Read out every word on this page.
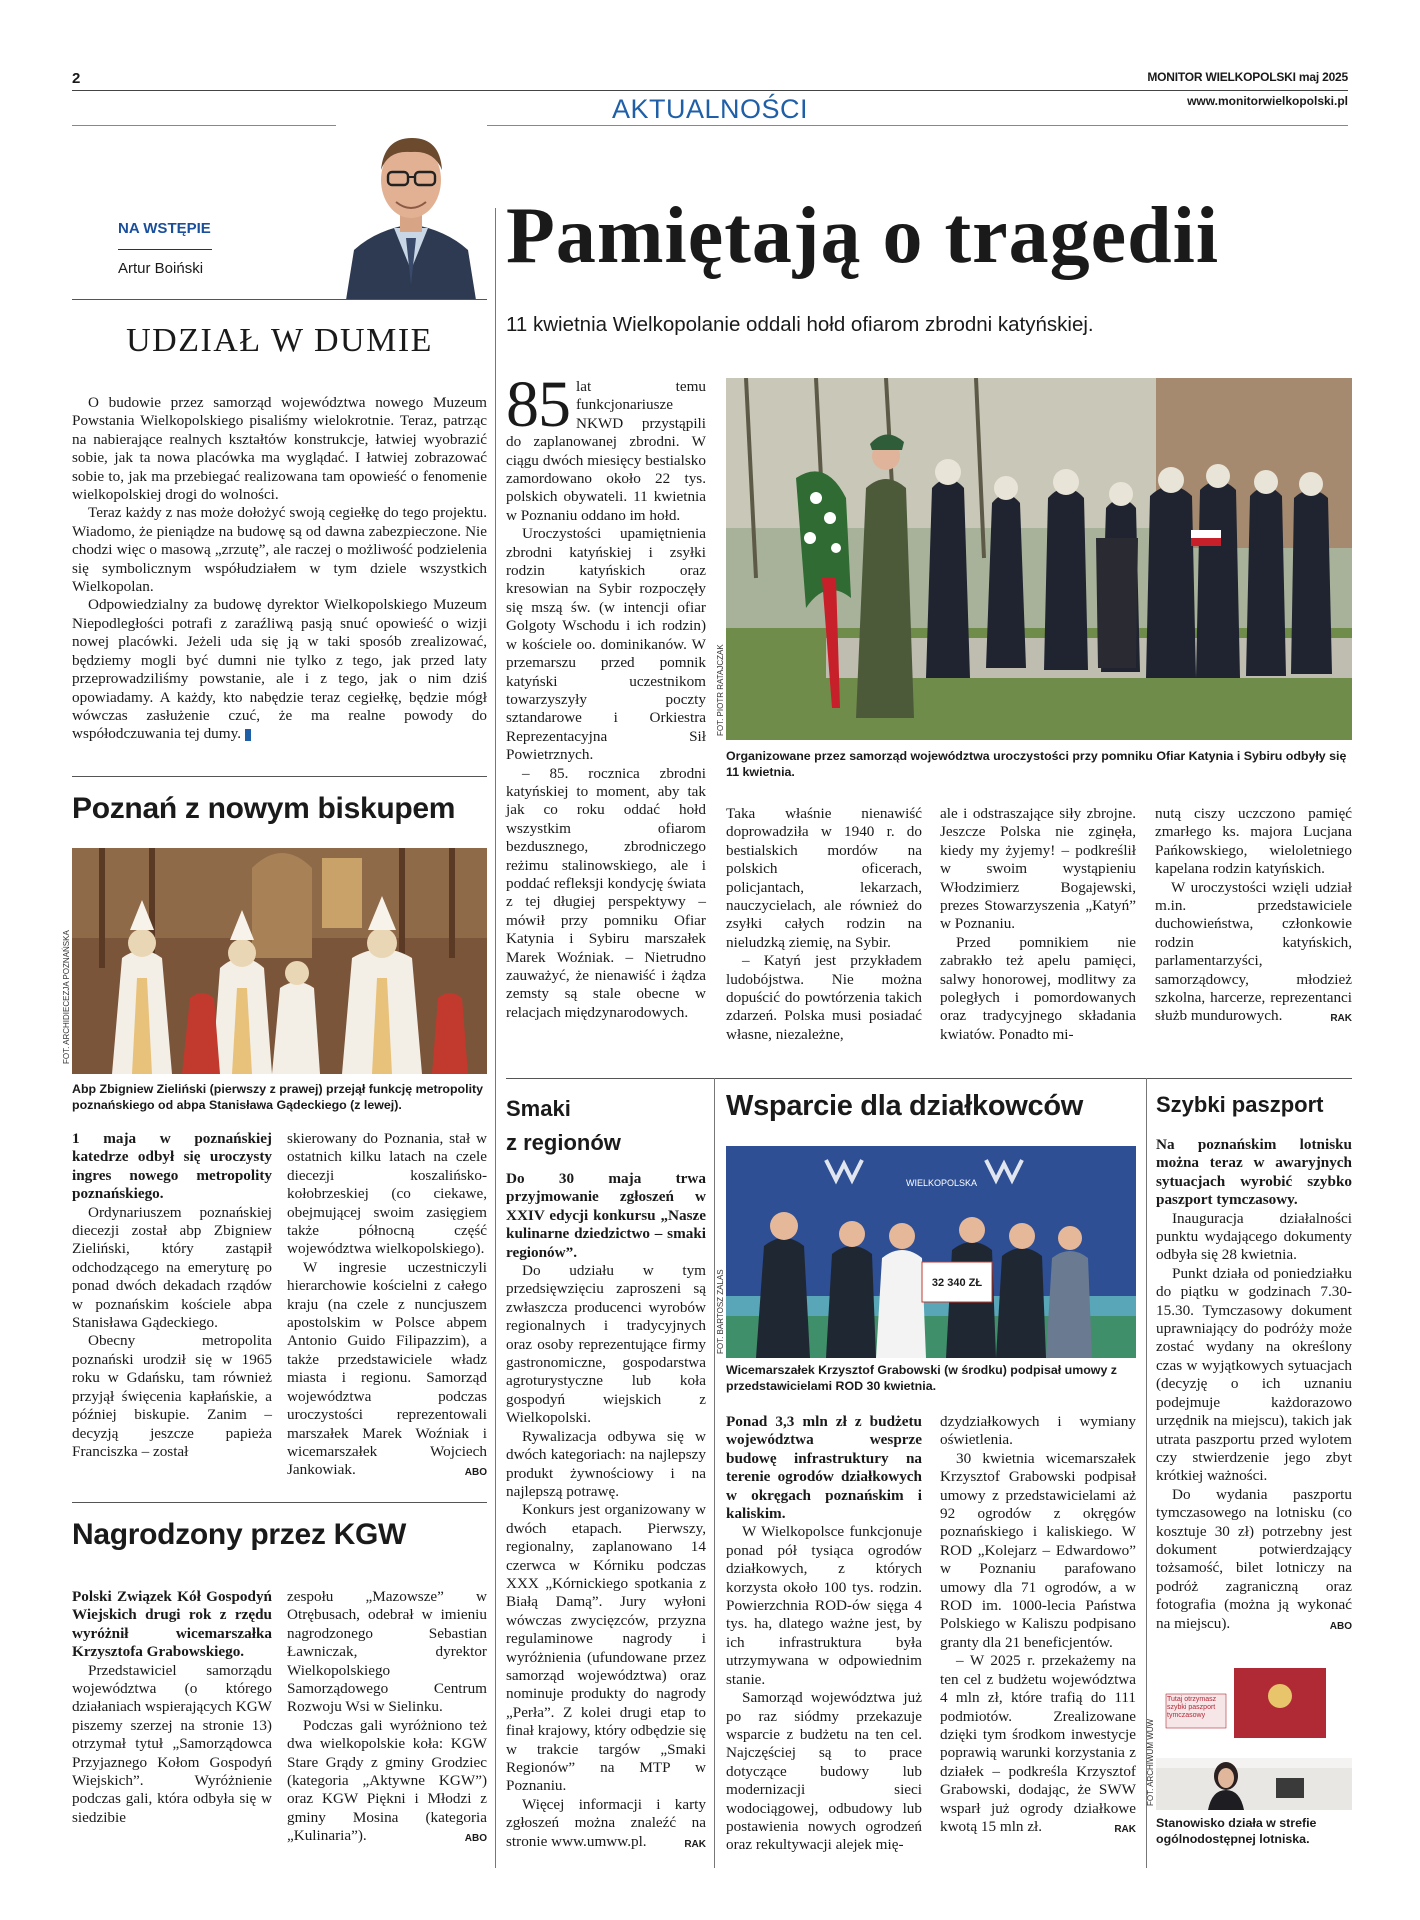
2	MONITOR WIELKOPOLSKI maj 2025
www.monitorwielkopolski.pl
AKTUALNOŚCI
NA WSTĘPIE
Artur Boiński
UDZIAŁ W DUMIE

O budowie przez samorząd województwa nowego Muzeum Powstania Wielkopolskiego pisaliśmy wielokrotnie. Teraz, patrząc na nabierające realnych kształtów konstrukcje, łatwiej wyobrazić sobie, jak ta nowa placówka ma wyglądać. I łatwiej zobrazować sobie to, jak ma przebiegać realizowana tam opowieść o fenomenie wielkopolskiej drogi do wolności.

Teraz każdy z nas może dołożyć swoją cegiełkę do tego projektu. Wiadomo, że pieniądze na budowę są od dawna zabezpieczone. Nie chodzi więc o masową „zrzutę”, ale raczej o możliwość podzielenia się symbolicznym współudziałem w tym dziele wszystkich Wielkopolan.

Odpowiedzialny za budowę dyrektor Wielkopolskiego Muzeum Niepodległości potrafi z zaraźliwą pasją snuć opowieść o wizji nowej placówki. Jeżeli uda się ją w taki sposób zrealizować, będziemy mogli być dumni nie tylko z tego, jak przed laty przeprowadziliśmy powstanie, ale i z tego, jak o nim dziś opowiadamy. A każdy, kto nabędzie teraz cegiełkę, będzie mógł wówczas zasłużenie czuć, że ma realne powody do współodczuwania tej dumy.

Poznań z nowym biskupem
FOT. ARCHIDIECEZJA POZNAŃSKA
Abp Zbigniew Zieliński (pierwszy z prawej) przejął funkcję metropolity poznańskiego od abpa Stanisława Gądeckiego (z lewej).

1 maja w poznańskiej katedrze odbył się uroczysty ingres nowego metropolity poznańskiego.

Ordynariuszem poznańskiej diecezji został abp Zbigniew Zieliński, który zastąpił odchodzącego na emeryturę po ponad dwóch dekadach rządów w poznańskim kościele abpa Stanisława Gądeckiego.

Obecny metropolita poznański urodził się w 1965 roku w Gdańsku, tam również przyjął święcenia kapłańskie, a później biskupie. Zanim – decyzją jeszcze papieża Franciszka – został

skierowany do Poznania, stał w ostatnich kilku latach na czele diecezji koszalińsko-kołobrzeskiej (co ciekawe, obejmującej swoim zasięgiem także północną część województwa wielkopolskiego).

W ingresie uczestniczyli hierarchowie kościelni z całego kraju (na czele z nuncjuszem apostolskim w Polsce abpem Antonio Guido Filipazzim), a także przedstawiciele władz miasta i regionu. Samorząd województwa podczas uroczystości reprezentowali marszałek Marek Woźniak i wicemarszałek Wojciech Jankowiak.	ABO

Nagrodzony przez KGW

Polski Związek Kół Gospodyń Wiejskich drugi rok z rzędu wyróżnił wicemarszałka Krzysztofa Grabowskiego.

Przedstawiciel samorządu województwa (o którego działaniach wspierających KGW piszemy szerzej na stronie 13) otrzymał tytuł „Samorządowca Przyjaznego Kołom Gospodyń Wiejskich”. Wyróżnienie podczas gali, która odbyła się w siedzibie

zespołu „Mazowsze” w Otrębusach, odebrał w imieniu nagrodzonego Sebastian Ławniczak, dyrektor Wielkopolskiego Samorządowego Centrum Rozwoju Wsi w Sielinku.

Podczas gali wyróżniono też dwa wielkopolskie koła: KGW Stare Grądy z gminy Grodziec (kategoria „Aktywne KGW”) oraz KGW Piękni i Młodzi z gminy Mosina (kategoria „Kulinaria”).	ABO

Pamiętają o tragedii
11 kwietnia Wielkopolanie oddali hołd ofiarom zbrodni katyńskiej.
85 lat temu funkcjonariusze NKWD przystąpili do zaplanowanej zbrodni. W ciągu dwóch miesięcy bestialsko zamordowano około 22 tys. polskich obywateli. 11 kwietnia w Poznaniu oddano im hołd.

Uroczystości upamiętnienia zbrodni katyńskiej i zsyłki rodzin katyńskich oraz kresowian na Sybir rozpoczęły się mszą św. (w intencji ofiar Golgoty Wschodu i ich rodzin) w kościele oo. dominikanów. W przemarszu przed pomnik katyński uczestnikom towarzyszyły poczty sztandarowe i Orkiestra Reprezentacyjna Sił Powietrznych.

– 85. rocznica zbrodni katyńskiej to moment, aby tak jak co roku oddać hołd wszystkim ofiarom bezdusznego, zbrodniczego reżimu stalinowskiego, ale i poddać refleksji kondycję świata z tej długiej perspektywy – mówił przy pomniku Ofiar Katynia i Sybiru marszałek Marek Woźniak. – Nietrudno zauważyć, że nienawiść i żądza zemsty są stale obecne w relacjach międzynarodowych.

FOT. PIOTR RATAJCZAK
Organizowane przez samorząd województwa uroczystości przy pomniku Ofiar Katynia i Sybiru odbyły się 11 kwietnia.

Taka właśnie nienawiść doprowadziła w 1940 r. do bestialskich mordów na polskich oficerach, policjantach, lekarzach, nauczycielach, ale również do zsyłki całych rodzin na nieludzką ziemię, na Sybir.

– Katyń jest przykładem ludobójstwa. Nie można dopuścić do powtórzenia takich zdarzeń. Polska musi posiadać własne, niezależne,

ale i odstraszające siły zbrojne. Jeszcze Polska nie zginęła, kiedy my żyjemy! – podkreślił w swoim wystąpieniu Włodzimierz Bogajewski, prezes Stowarzyszenia „Katyń” w Poznaniu.

Przed pomnikiem nie zabrakło też apelu pamięci, salwy honorowej, modlitwy za poległych i pomordowanych oraz tradycyjnego składania kwiatów. Ponadto mi-

nutą ciszy uczczono pamięć zmarłego ks. majora Lucjana Pańkowskiego, wieloletniego kapelana rodzin katyńskich.

W uroczystości wzięli udział m.in. przedstawiciele duchowieństwa, członkowie rodzin katyńskich, parlamentarzyści, samorządowcy, młodzież szkolna, harcerze, reprezentanci służb mundurowych.	RAK

Smaki
z regionów

Do 30 maja trwa przyjmowanie zgłoszeń w XXIV edycji konkursu „Nasze kulinarne dziedzictwo – smaki regionów”.

Do udziału w tym przedsięwzięciu zaproszeni są zwłaszcza producenci wyrobów regionalnych i tradycyjnych oraz osoby reprezentujące firmy gastronomiczne, gospodarstwa agroturystyczne lub koła gospodyń wiejskich z Wielkopolski.

Rywalizacja odbywa się w dwóch kategoriach: na najlepszy produkt żywnościowy i na najlepszą potrawę.

Konkurs jest organizowany w dwóch etapach. Pierwszy, regionalny, zaplanowano 14 czerwca w Kórniku podczas XXX „Kórnickiego spotkania z Białą Damą”. Jury wyłoni wówczas zwycięzców, przyzna regulaminowe nagrody i wyróżnienia (ufundowane przez samorząd województwa) oraz nominuje produkty do nagrody „Perła”. Z kolei drugi etap to finał krajowy, który odbędzie się w trakcie targów „Smaki Regionów” na MTP w Poznaniu.

Więcej informacji i karty zgłoszeń można znaleźć na stronie www.umww.pl.	RAK

Wsparcie dla działkowców
WIELKOPOLSKA
32 340 ZŁ
FOT. BARTOSZ ZALAS
Wicemarszałek Krzysztof Grabowski (w środku) podpisał umowy z przedstawicielami ROD 30 kwietnia.

Ponad 3,3 mln zł z budżetu województwa wesprze budowę infrastruktury na terenie ogrodów działkowych w okręgach poznańskim i kaliskim.

W Wielkopolsce funkcjonuje ponad pół tysiąca ogrodów działkowych, z których korzysta około 100 tys. rodzin. Powierzchnia ROD-ów sięga 4 tys. ha, dlatego ważne jest, by ich infrastruktura była utrzymywana w odpowiednim stanie.

Samorząd województwa już po raz siódmy przekazuje wsparcie z budżetu na ten cel. Najczęściej są to prace dotyczące budowy lub modernizacji sieci wodociągowej, odbudowy lub postawienia nowych ogrodzeń oraz rekultywacji alejek mię-

dzydziałkowych i wymiany oświetlenia.

30 kwietnia wicemarszałek Krzysztof Grabowski podpisał umowy z przedstawicielami aż 92 ogrodów z okręgów poznańskiego i kaliskiego. W ROD „Kolejarz – Edwardowo” w Poznaniu parafowano umowy dla 71 ogrodów, a w ROD im. 1000-lecia Państwa Polskiego w Kaliszu podpisano granty dla 21 beneficjentów.

– W 2025 r. przekażemy na ten cel z budżetu województwa 4 mln zł, które trafią do 111 podmiotów. Zrealizowane dzięki tym środkom inwestycje poprawią warunki korzystania z działek – podkreśla Krzysztof Grabowski, dodając, że SWW wsparł już ogrody działkowe kwotą 15 mln zł.	RAK

Szybki paszport

Na poznańskim lotnisku można teraz w awaryjnych sytuacjach wyrobić szybko paszport tymczasowy.

Inauguracja działalności punktu wydającego dokumenty odbyła się 28 kwietnia.

Punkt działa od poniedziałku do piątku w godzinach 7.30-15.30. Tymczasowy dokument uprawniający do podróży może zostać wydany na określony czas w wyjątkowych sytuacjach (decyzję o ich uznaniu podejmuje każdorazowo urzędnik na miejscu), takich jak utrata paszportu przed wylotem czy stwierdzenie jego zbyt krótkiej ważności.

Do wydania paszportu tymczasowego na lotnisku (co kosztuje 30 zł) potrzebny jest dokument potwierdzający tożsamość, bilet lotniczy na podróż zagraniczną oraz fotografia (można ją wykonać na miejscu).	ABO

Tutaj otrzymasz szybki paszport tymczasowy
FOT. ARCHIWUM WUW
Stanowisko działa w strefie ogólnodostępnej lotniska.
